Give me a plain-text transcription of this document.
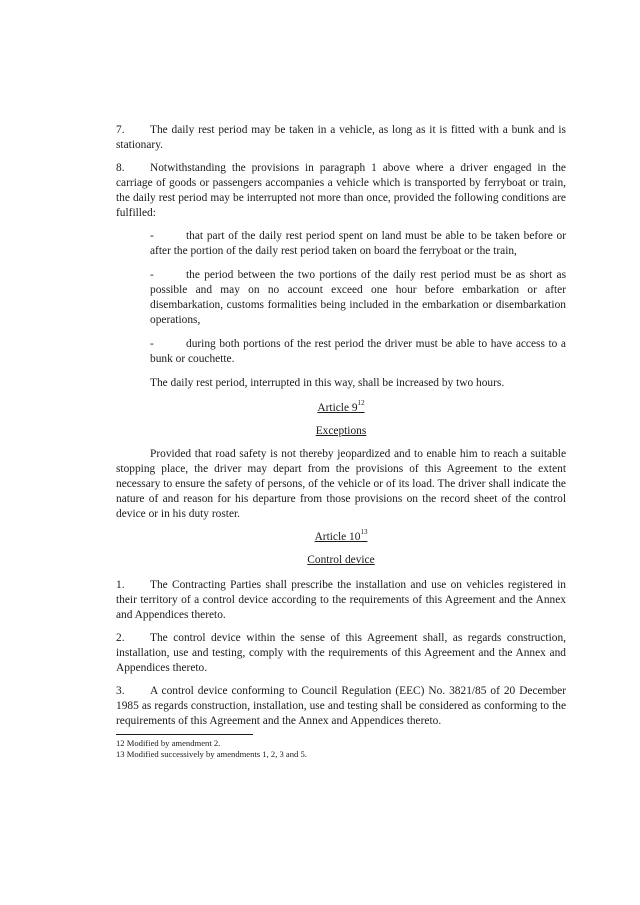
7. The daily rest period may be taken in a vehicle, as long as it is fitted with a bunk and is stationary.

8. Notwithstanding the provisions in paragraph 1 above where a driver engaged in the carriage of goods or passengers accompanies a vehicle which is transported by ferryboat or train, the daily rest period may be interrupted not more than once, provided the following conditions are fulfilled:

-	that part of the daily rest period spent on land must be able to be taken before or after the portion of the daily rest period taken on board the ferryboat or the train,

-	the period between the two portions of the daily rest period must be as short as possible and may on no account exceed one hour before embarkation or after disembarkation, customs formalities being included in the embarkation or disembarkation operations,

-	during both portions of the rest period the driver must be able to have access to a bunk or couchette.

The daily rest period, interrupted in this way, shall be increased by two hours.

Article $9^{12}$

Exceptions

Provided that road safety is not thereby jeopardized and to enable him to reach a suitable stopping place, the driver may depart from the provisions of this Agreement to the extent necessary to ensure the safety of persons, of the vehicle or of its load. The driver shall indicate the nature of and reason for his departure from those provisions on the record sheet of the control device or in his duty roster.

Article $10^{13}$

Control device

1. The Contracting Parties shall prescribe the installation and use on vehicles registered in their territory of a control device according to the requirements of this Agreement and the Annex and Appendices thereto.

2. The control device within the sense of this Agreement shall, as regards construction, installation, use and testing, comply with the requirements of this Agreement and the Annex and Appendices thereto.

3. A control device conforming to Council Regulation (EEC) No. 3821/85 of 20 December 1985 as regards construction, installation, use and testing shall be considered as conforming to the requirements of this Agreement and the Annex and Appendices thereto.

12 Modified by amendment 2.

13 Modified successively by amendments 1, 2, 3 and 5.
